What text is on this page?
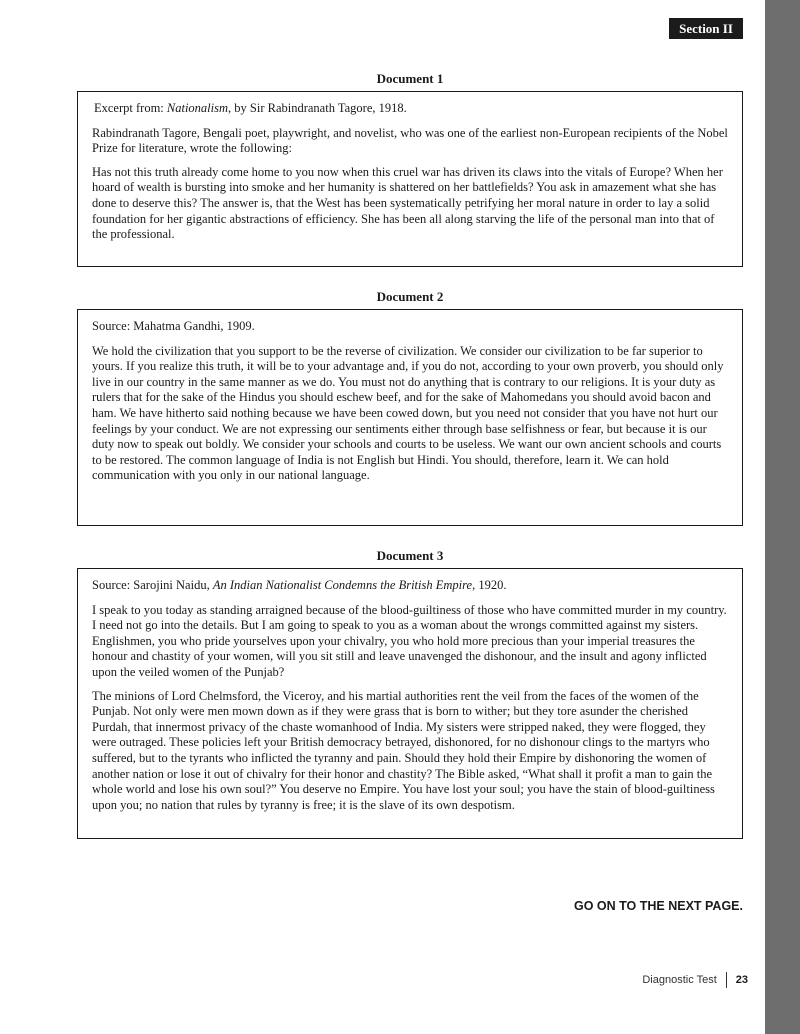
Section II
Document 1

Excerpt from: Nationalism, by Sir Rabindranath Tagore, 1918.

Rabindranath Tagore, Bengali poet, playwright, and novelist, who was one of the earliest non-European recipients of the Nobel Prize for literature, wrote the following:

Has not this truth already come home to you now when this cruel war has driven its claws into the vitals of Europe? When her hoard of wealth is bursting into smoke and her humanity is shattered on her battlefields? You ask in amazement what she has done to deserve this? The answer is, that the West has been systematically petrifying her moral nature in order to lay a solid foundation for her gigantic abstractions of efficiency. She has been all along starving the life of the personal man into that of the professional.

Document 2

Source: Mahatma Gandhi, 1909.

We hold the civilization that you support to be the reverse of civilization. We consider our civilization to be far superior to yours. If you realize this truth, it will be to your advantage and, if you do not, according to your own proverb, you should only live in our country in the same manner as we do. You must not do anything that is contrary to our religions. It is your duty as rulers that for the sake of the Hindus you should eschew beef, and for the sake of Mahomedans you should avoid bacon and ham. We have hitherto said nothing because we have been cowed down, but you need not consider that you have not hurt our feelings by your conduct. We are not expressing our sentiments either through base selfishness or fear, but because it is our duty now to speak out boldly. We consider your schools and courts to be useless. We want our own ancient schools and courts to be restored. The common language of India is not English but Hindi. You should, therefore, learn it. We can hold communication with you only in our national language.

Document 3

Source: Sarojini Naidu, An Indian Nationalist Condemns the British Empire, 1920.

I speak to you today as standing arraigned because of the blood-guiltiness of those who have committed murder in my country. I need not go into the details. But I am going to speak to you as a woman about the wrongs committed against my sisters. Englishmen, you who pride yourselves upon your chivalry, you who hold more precious than your imperial treasures the honour and chastity of your women, will you sit still and leave unavenged the dishonour, and the insult and agony inflicted upon the veiled women of the Punjab?

The minions of Lord Chelmsford, the Viceroy, and his martial authorities rent the veil from the faces of the women of the Punjab. Not only were men mown down as if they were grass that is born to wither; but they tore asunder the cherished Purdah, that innermost privacy of the chaste womanhood of India. My sisters were stripped naked, they were flogged, they were outraged. These policies left your British democracy betrayed, dishonored, for no dishonour clings to the martyrs who suffered, but to the tyrants who inflicted the tyranny and pain. Should they hold their Empire by dishonoring the women of another nation or lose it out of chivalry for their honor and chastity? The Bible asked, “What shall it profit a man to gain the whole world and lose his own soul?” You deserve no Empire. You have lost your soul; you have the stain of blood-guiltiness upon you; no nation that rules by tyranny is free; it is the slave of its own despotism.

GO ON TO THE NEXT PAGE.
Diagnostic Test 23
